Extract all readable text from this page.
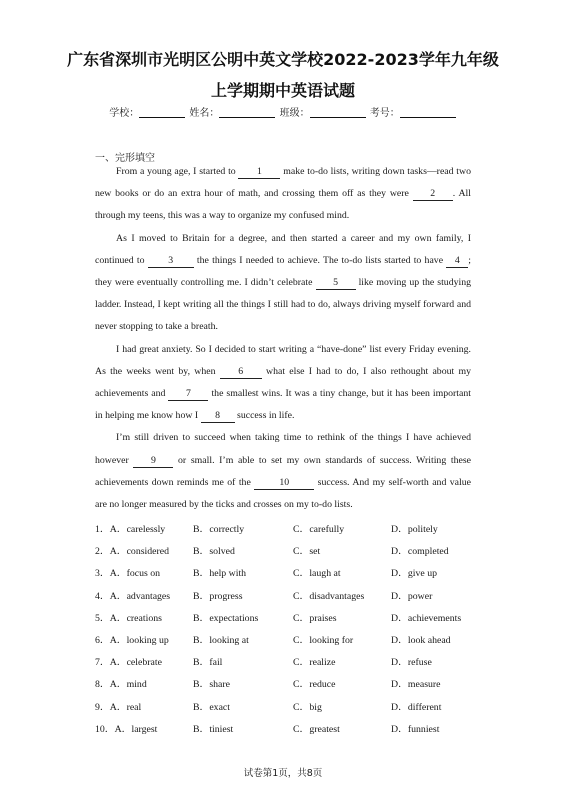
广东省深圳市光明区公明中英文学校2022-2023学年九年级
上学期期中英语试题
学校：	姓名：	班级：	考号：
一、完形填空

From a young age, I started to 1 make to-do lists, writing down tasks—read two new books or do an extra hour of math, and crossing them off as they were 2 . All through my teens, this was a way to organize my confused mind.

As I moved to Britain for a degree, and then started a career and my own family, I continued to 3 the things I needed to achieve. The to-do lists started to have 4 ; they were eventually controlling me. I didn’t celebrate 5 like moving up the studying ladder. Instead, I kept writing all the things I still had to do, always driving myself forward and never stopping to take a breath.

I had great anxiety. So I decided to start writing a “have-done” list every Friday evening. As the weeks went by, when 6 what else I had to do, I also rethought about my achievements and 7 the smallest wins. It was a tiny change, but it has been important in helping me know how I 8 success in life.

I’m still driven to succeed when taking time to rethink of the things I have achieved however 9 or small. I’m able to set my own standards of success. Writing these achievements down reminds me of the	10	success. And my self-worth and value are no longer measured by the ticks and crosses on my to-do lists.

1．A．carelessly	B．correctly	C．carefully	D．politely
2．A．considered B．solved	C．set	D．completed
3．A．focus on	B．help with	C．laugh at	D．give up
4．A．advantages B．progress	C．disadvantages	D．power
5．A．creations	B．expectations	C．praises	D．achievements
6．A．looking up B．looking at	C．looking for	D．look ahead
7．A．celebrate	B．fail	C．realize	D．refuse
8．A．mind	B．share	C．reduce	D．measure
9．A．real	B．exact	C．big	D．different
10．A．largest	B．tiniest	C．greatest	D．funniest
试卷第1页，共8页
